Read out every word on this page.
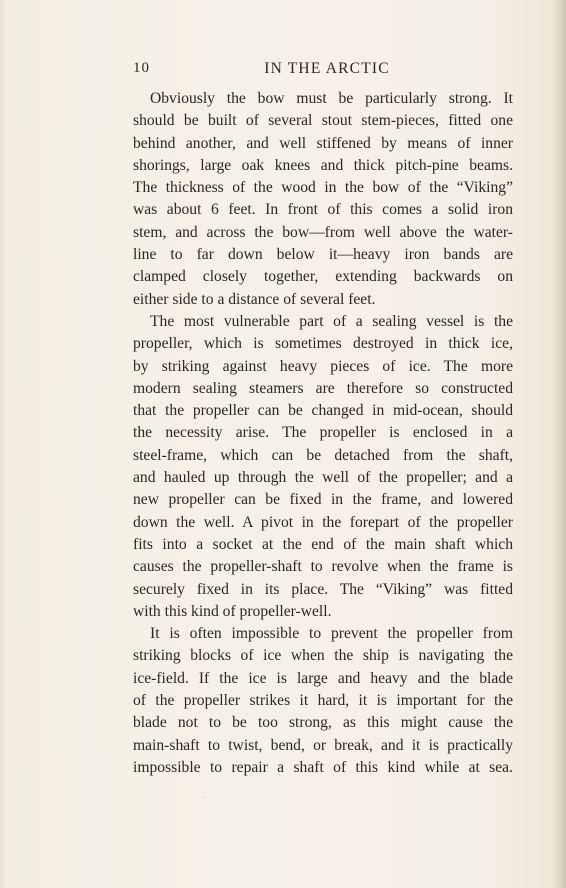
10	IN THE ARCTIC
Obviously the bow must be particularly strong. It
should be built of several stout stem-pieces, fitted one
behind another, and well stiffened by means of inner
shorings, large oak knees and thick pitch-pine beams.
The thickness of the wood in the bow of the “Viking”
was about 6 feet. In front of this comes a solid iron
stem, and across the bow—from well above the water-
line to far down below it—heavy iron bands are
clamped closely together, extending backwards on
either side to a distance of several feet.
The most vulnerable part of a sealing vessel is the
propeller, which is sometimes destroyed in thick ice,
by striking against heavy pieces of ice. The more
modern sealing steamers are therefore so constructed
that the propeller can be changed in mid-ocean, should
the necessity arise. The propeller is enclosed in a
steel-frame, which can be detached from the shaft,
and hauled up through the well of the propeller; and a
new propeller can be fixed in the frame, and lowered
down the well. A pivot in the forepart of the propeller
fits into a socket at the end of the main shaft which
causes the propeller-shaft to revolve when the frame is
securely fixed in its place. The “Viking” was fitted
with this kind of propeller-well.
It is often impossible to prevent the propeller from
striking blocks of ice when the ship is navigating the
ice-field. If the ice is large and heavy and the blade
of the propeller strikes it hard, it is important for the
blade not to be too strong, as this might cause the
main-shaft to twist, bend, or break, and it is practically
impossible to repair a shaft of this kind while at sea.
